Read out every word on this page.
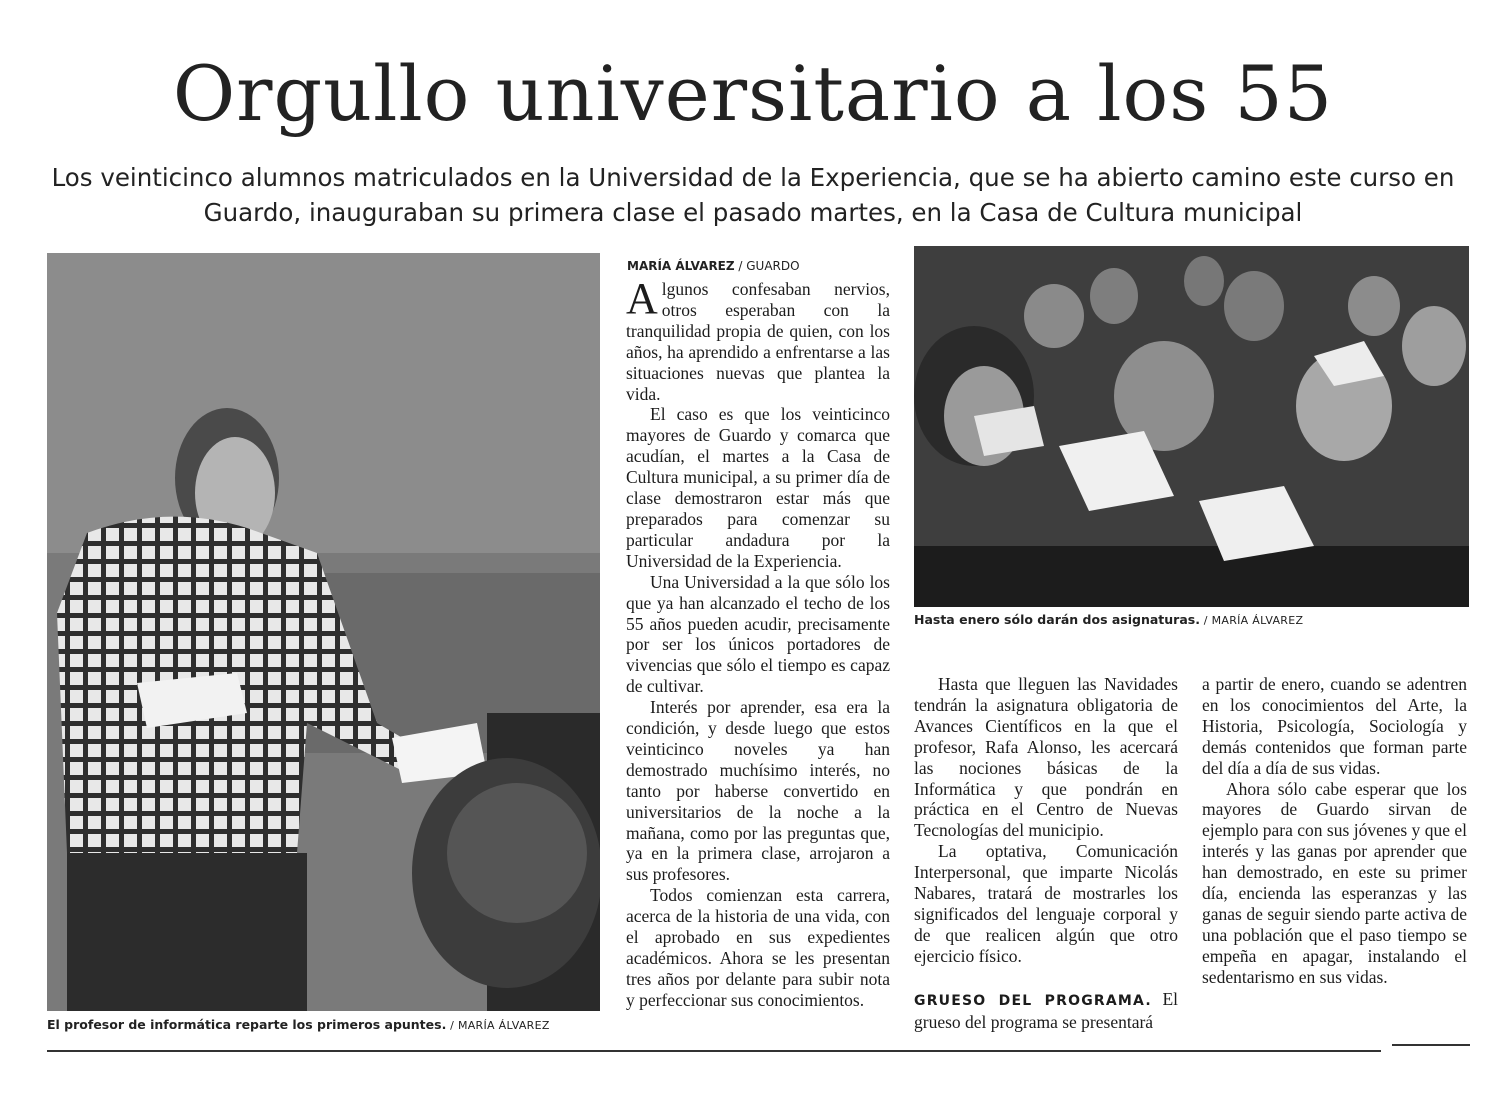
Orgullo universitario a los 55
Los veinticinco alumnos matriculados en la Universidad de la Experiencia, que se ha abierto camino este curso en Guardo, inauguraban su primera clase el pasado martes, en la Casa de Cultura municipal
El profesor de informática reparte los primeros apuntes. / MARÍA ÁLVAREZ
Hasta enero sólo darán dos asignaturas. / MARÍA ÁLVAREZ
MARÍA ÁLVAREZ / GUARDO

Algunos confesaban nervios, otros esperaban con la tranquilidad propia de quien, con los años, ha aprendido a enfrentarse a las situaciones nuevas que plantea la vida.

El caso es que los veinticinco mayores de Guardo y comarca que acudían, el martes a la Casa de Cultura municipal, a su primer día de clase demostraron estar más que preparados para comenzar su particular andadura por la Universidad de la Experiencia.

Una Universidad a la que sólo los que ya han alcanzado el techo de los 55 años pueden acudir, precisamente por ser los únicos portadores de vivencias que sólo el tiempo es capaz de cultivar.

Interés por aprender, esa era la condición, y desde luego que estos veinticinco noveles ya han demostrado muchísimo interés, no tanto por haberse convertido en universitarios de la noche a la mañana, como por las preguntas que, ya en la primera clase, arrojaron a sus profesores.

Todos comienzan esta carrera, acerca de la historia de una vida, con el aprobado en sus expedientes académicos. Ahora se les presentan tres años por delante para subir nota y perfeccionar sus conocimientos.

Hasta que lleguen las Navidades tendrán la asignatura obligatoria de Avances Científicos en la que el profesor, Rafa Alonso, les acercará las nociones básicas de la Informática y que pondrán en práctica en el Centro de Nuevas Tecnologías del municipio.

La optativa, Comunicación Interpersonal, que imparte Nicolás Nabares, tratará de mostrarles los significados del lenguaje corporal y de que realicen algún que otro ejercicio físico.

GRUESO DEL PROGRAMA. El grueso del programa se presentará

a partir de enero, cuando se adentren en los conocimientos del Arte, la Historia, Psicología, Sociología y demás contenidos que forman parte del día a día de sus vidas.

Ahora sólo cabe esperar que los mayores de Guardo sirvan de ejemplo para con sus jóvenes y que el interés y las ganas por aprender que han demostrado, en este su primer día, encienda las esperanzas y las ganas de seguir siendo parte activa de una población que el paso tiempo se empeña en apagar, instalando el sedentarismo en sus vidas.
